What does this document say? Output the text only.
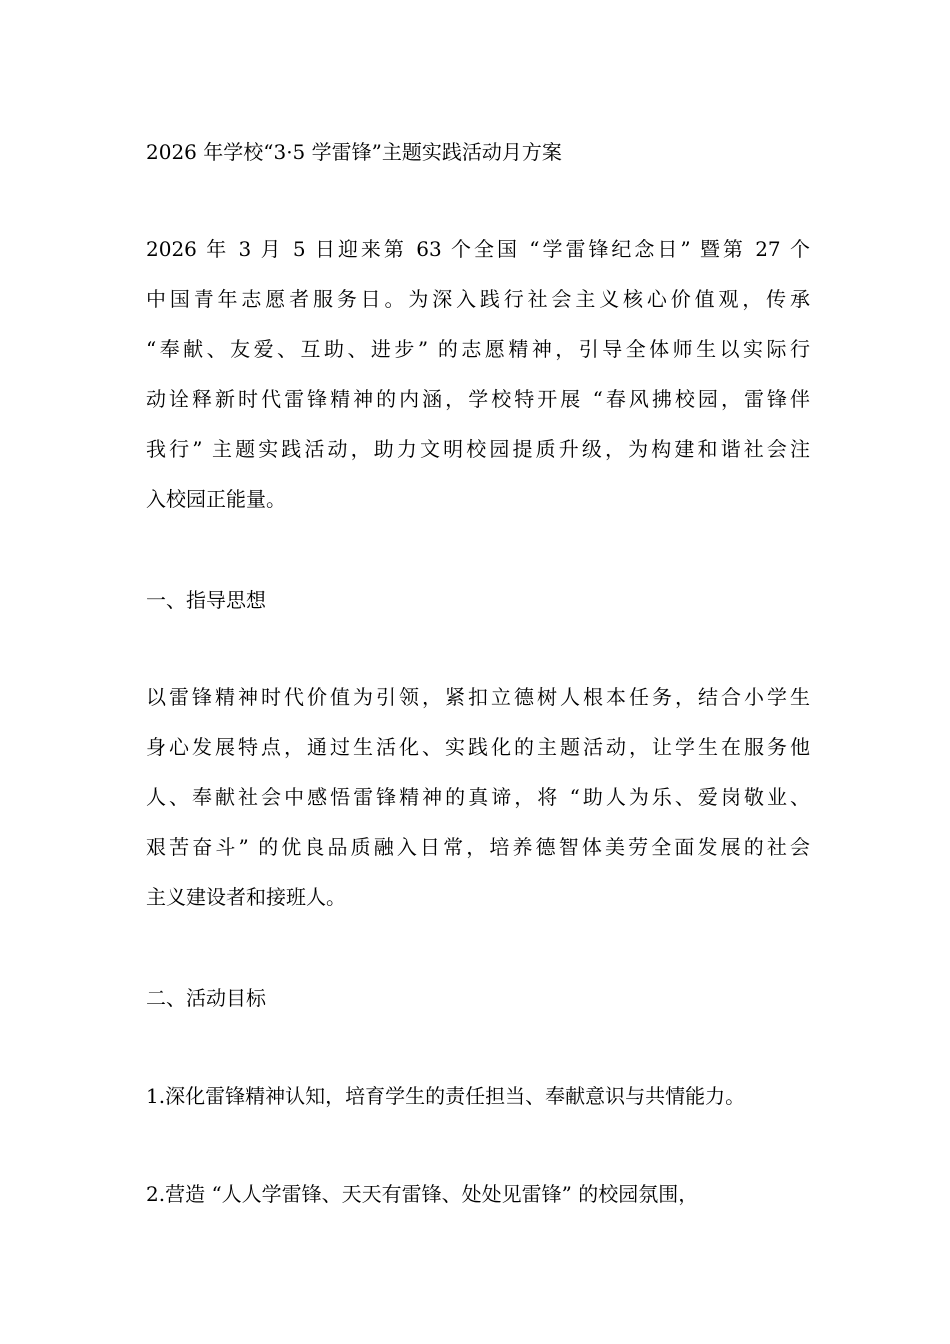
2026 年学校“3·5 学雷锋”主题实践活动月方案
2026 年 3 月 5 日迎来第 63 个全国 “学雷锋纪念日” 暨第 27 个
中国青年志愿者服务日。为深入践行社会主义核心价值观，传承
“奉献、友爱、互助、进步” 的志愿精神，引导全体师生以实际行
动诠释新时代雷锋精神的内涵，学校特开展 “春风拂校园，雷锋伴
我行” 主题实践活动，助力文明校园提质升级，为构建和谐社会注
入校园正能量。
一、指导思想
以雷锋精神时代价值为引领，紧扣立德树人根本任务，结合小学生
身心发展特点，通过生活化、实践化的主题活动，让学生在服务他
人、奉献社会中感悟雷锋精神的真谛，将 “助人为乐、爱岗敬业、
艰苦奋斗” 的优良品质融入日常，培养德智体美劳全面发展的社会
主义建设者和接班人。
二、活动目标
1.深化雷锋精神认知，培育学生的责任担当、奉献意识与共情能力。
2.营造 “人人学雷锋、天天有雷锋、处处见雷锋” 的校园氛围，
